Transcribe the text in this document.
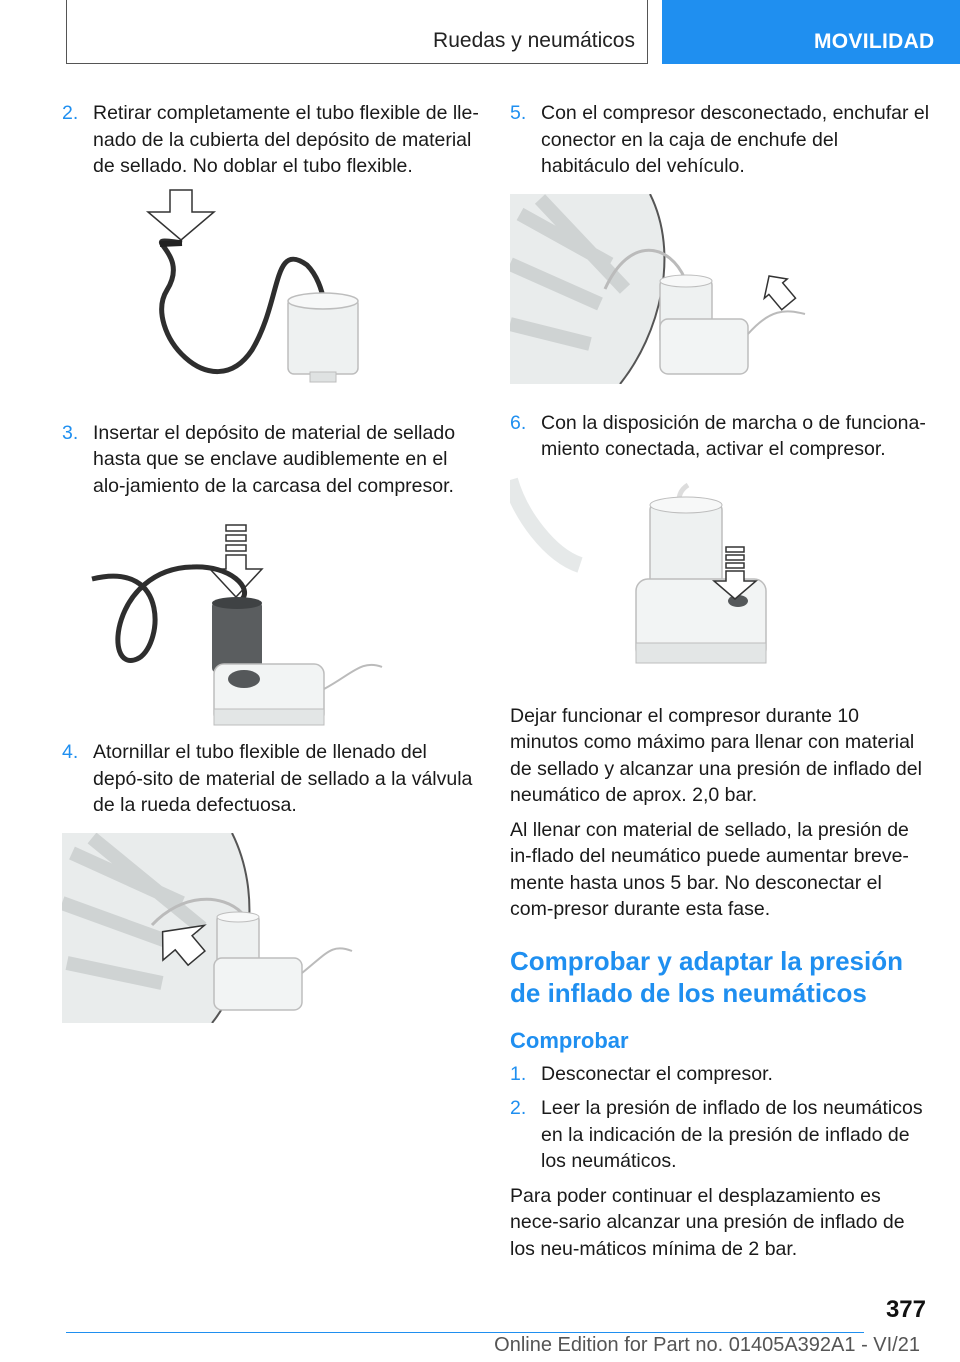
Ruedas y neumáticos	MOVILIDAD
2. Retirar completamente el tubo flexible de lle-nado de la cubierta del depósito de material de sellado. No doblar el tubo flexible.
3. Insertar el depósito de material de sellado hasta que se enclave audiblemente en el alo-jamiento de la carcasa del compresor.
4. Atornillar el tubo flexible de llenado del depó-sito de material de sellado a la válvula de la rueda defectuosa.
5. Con el compresor desconectado, enchufar el conector en la caja de enchufe del habitáculo del vehículo.
6. Con la disposición de marcha o de funciona-miento conectada, activar el compresor.

Dejar funcionar el compresor durante 10 minutos como máximo para llenar con material de sellado y alcanzar una presión de inflado del neumático de aprox. 2,0 bar.

Al llenar con material de sellado, la presión de in-flado del neumático puede aumentar breve-mente hasta unos 5 bar. No desconectar el com-presor durante esta fase.

Comprobar y adaptar la presión de inflado de los neumáticos
Comprobar
1. Desconectar el compresor.
2. Leer la presión de inflado de los neumáticos en la indicación de la presión de inflado de los neumáticos.

Para poder continuar el desplazamiento es nece-sario alcanzar una presión de inflado de los neu-máticos mínima de 2 bar.

377
Online Edition for Part no. 01405A392A1 - VI/21
